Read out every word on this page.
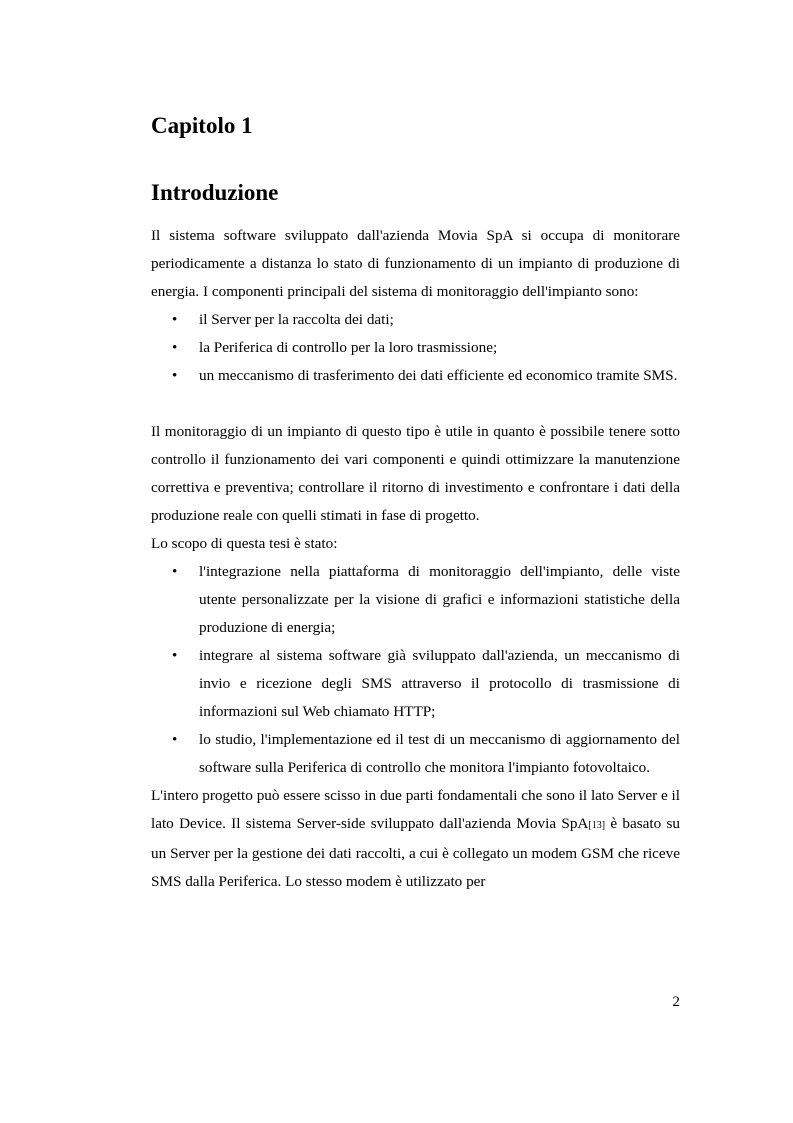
Capitolo 1
Introduzione

Il sistema software sviluppato dall'azienda Movia SpA si occupa di monitorare periodicamente a distanza lo stato di funzionamento di un impianto di produzione di energia. I componenti principali del sistema di monitoraggio dell'impianto sono:

• il Server per la raccolta dei dati;
• la Periferica di controllo per la loro trasmissione;
• un meccanismo di trasferimento dei dati efficiente ed economico tramite SMS.

Il monitoraggio di un impianto di questo tipo è utile in quanto è possibile tenere sotto controllo il funzionamento dei vari componenti e quindi ottimizzare la manutenzione correttiva e preventiva; controllare il ritorno di investimento e confrontare i dati della produzione reale con quelli stimati in fase di progetto.

Lo scopo di questa tesi è stato:

• l'integrazione nella piattaforma di monitoraggio dell'impianto, delle viste utente personalizzate per la visione di grafici e informazioni statistiche della produzione di energia;
• integrare al sistema software già sviluppato dall'azienda, un meccanismo di invio e ricezione degli SMS attraverso il protocollo di trasmissione di informazioni sul Web chiamato HTTP;
• lo studio, l'implementazione ed il test di un meccanismo di aggiornamento del software sulla Periferica di controllo che monitora l'impianto fotovoltaico.

L'intero progetto può essere scisso in due parti fondamentali che sono il lato Server e il lato Device. Il sistema Server-side sviluppato dall'azienda Movia SpA[13] è basato su un Server per la gestione dei dati raccolti, a cui è collegato un modem GSM che riceve SMS dalla Periferica. Lo stesso modem è utilizzato per

2
